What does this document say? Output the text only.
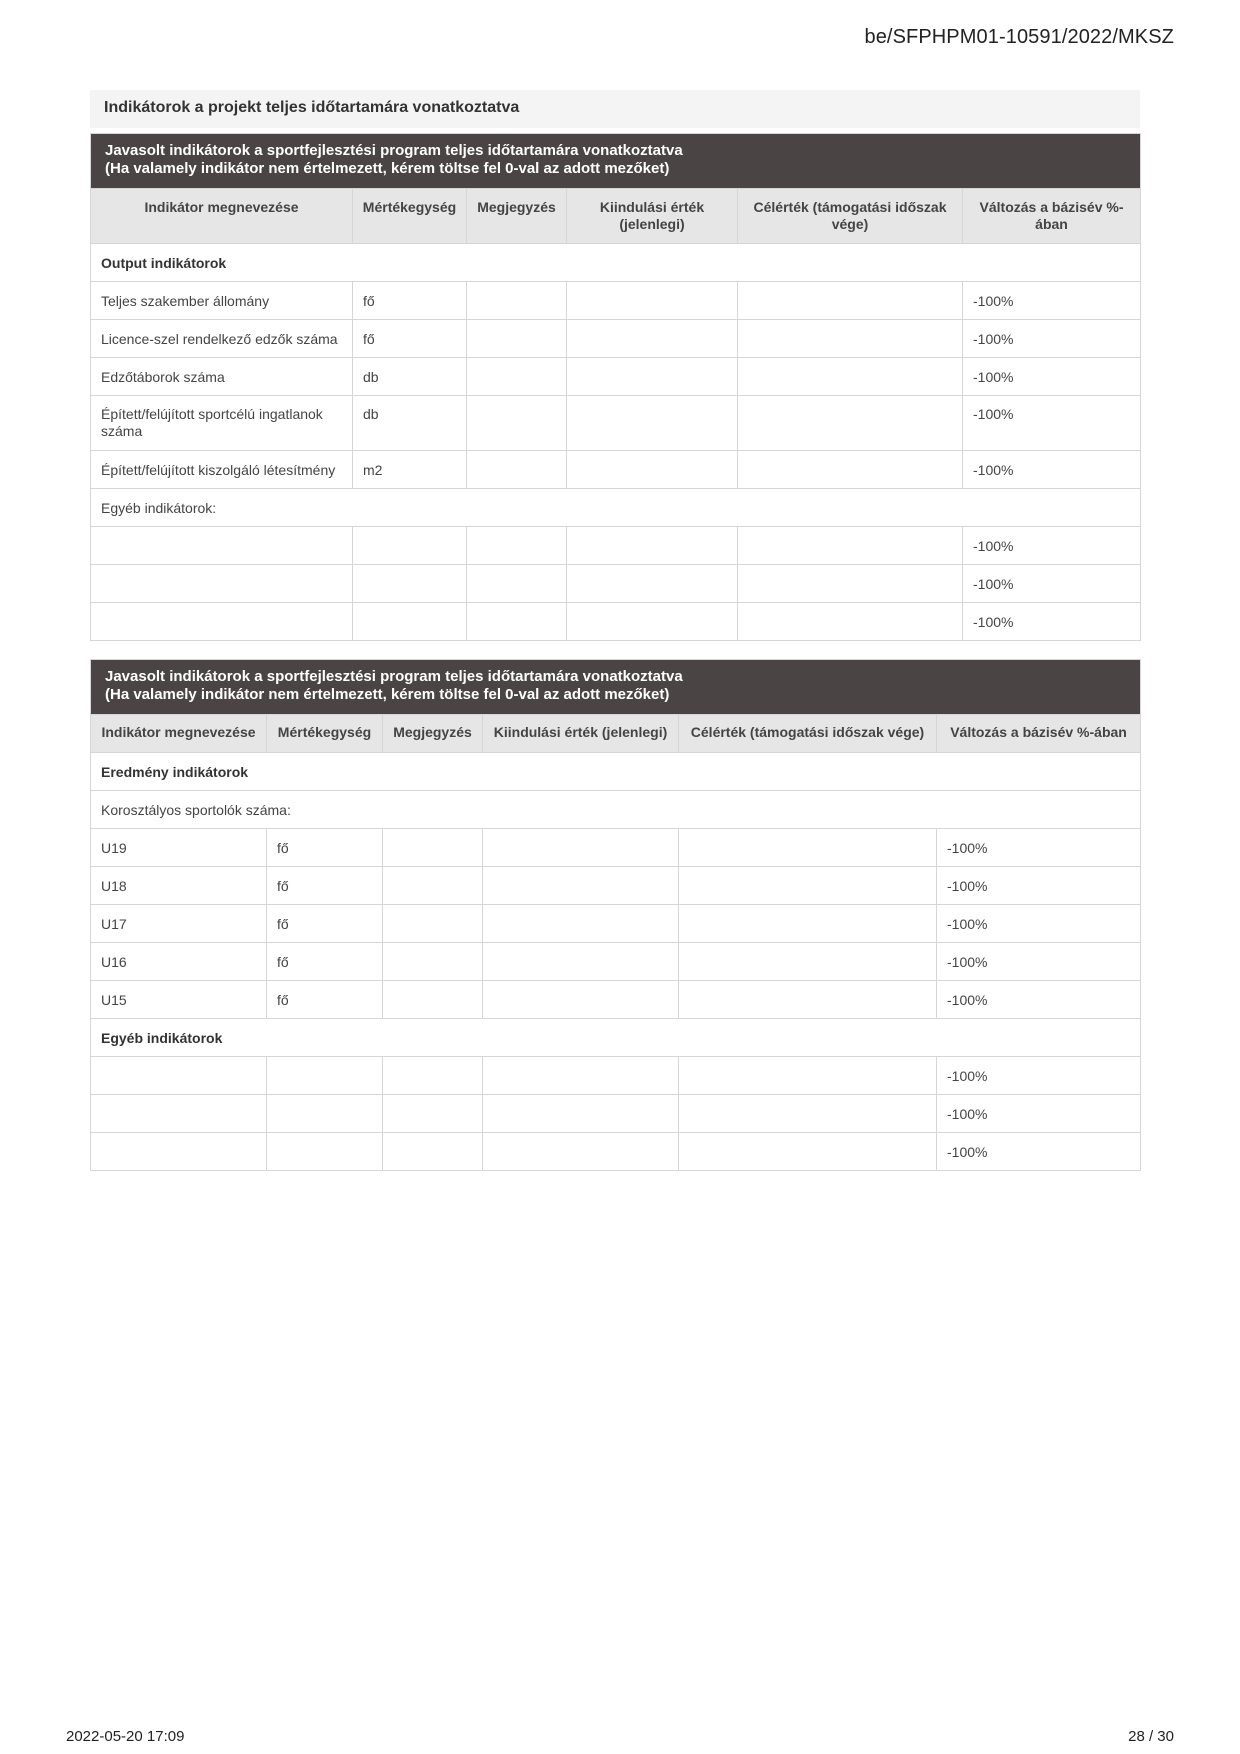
be/SFPHPM01-10591/2022/MKSZ
Indikátorok a projekt teljes időtartamára vonatkoztatva
Javasolt indikátorok a sportfejlesztési program teljes időtartamára vonatkoztatva
(Ha valamely indikátor nem értelmezett, kérem töltse fel 0-val az adott mezőket)					

Indikátor megnevezése	Mértékegység	Megjegyzés	Kiindulási érték (jelenlegi)	Célérték (támogatási időszak vége)	Változás a bázisév %-ában
Output indikátorok					
Teljes szakember állomány	fő				-100%
Licence-szel rendelkező edzők száma	fő				-100%
Edzőtáborok száma	db				-100%
Épített/felújított sportcélú ingatlanok száma	db				-100%
Épített/felújított kiszolgáló létesítmény	m2				-100%
Egyéb indikátorok:					
					-100%
					-100%
					-100%
Javasolt indikátorok a sportfejlesztési program teljes időtartamára vonatkoztatva
(Ha valamely indikátor nem értelmezett, kérem töltse fel 0-val az adott mezőket)					

Indikátor megnevezése	Mértékegység	Megjegyzés	Kiindulási érték (jelenlegi)	Célérték (támogatási időszak vége)	Változás a bázisév %-ában
Eredmény indikátorok					
Korosztályos sportolók száma:					
U19	fő				-100%
U18	fő				-100%
U17	fő				-100%
U16	fő				-100%
U15	fő				-100%
Egyéb indikátorok					
					-100%
					-100%
					-100%
2022-05-20 17:09	28 / 30
